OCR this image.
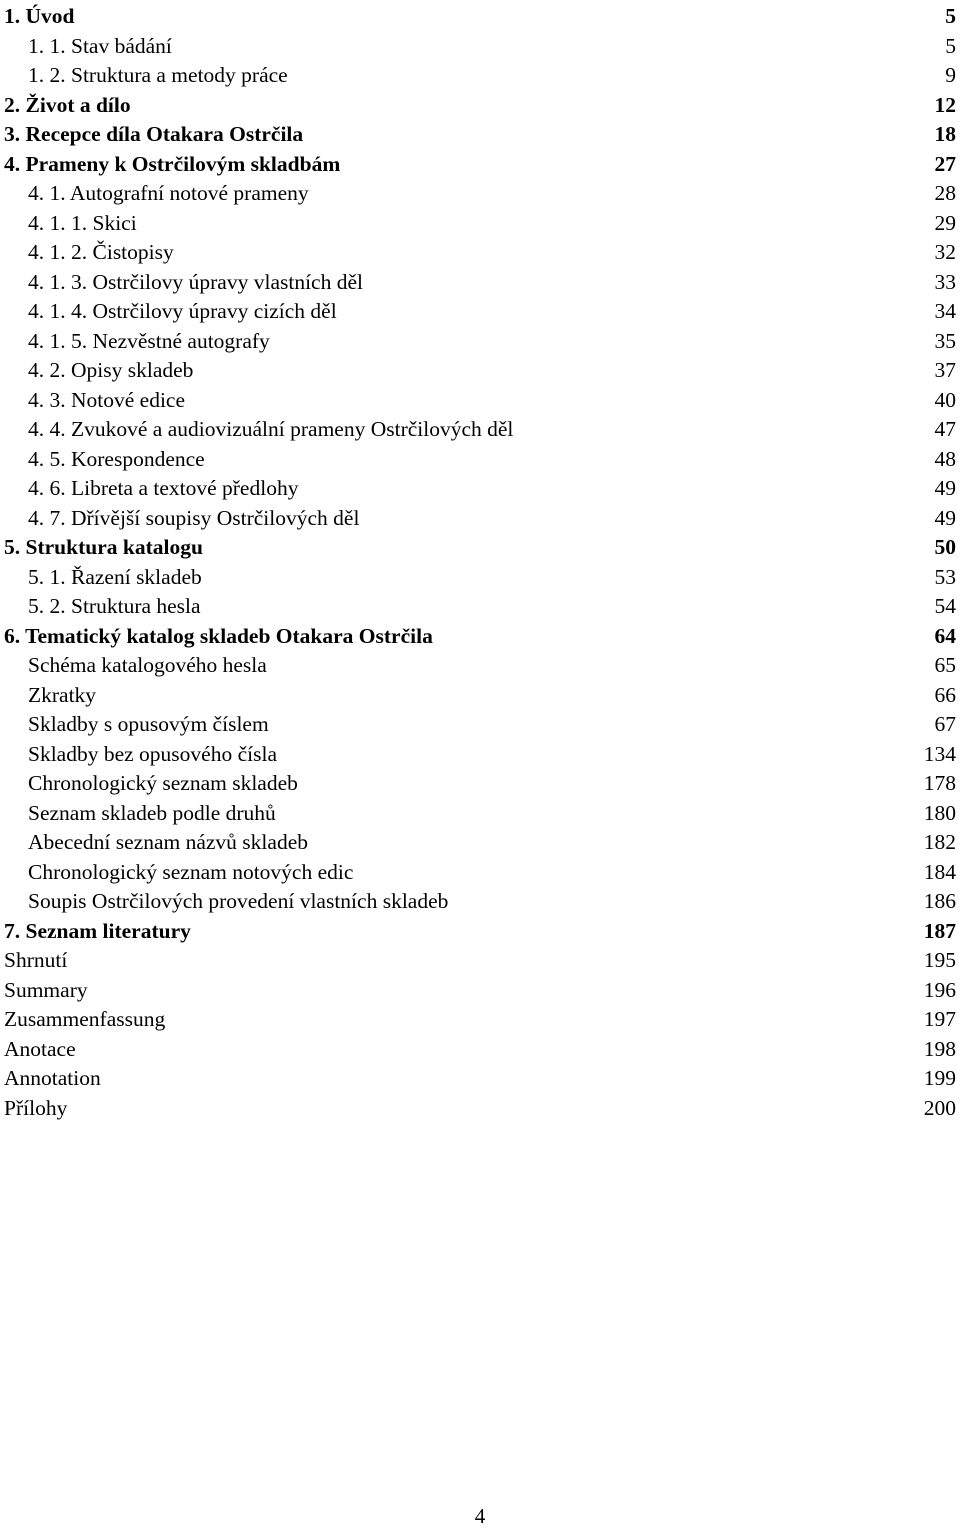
1. Úvod	5
1. 1. Stav bádání	5
1. 2. Struktura a metody práce	9
2. Život a dílo	12
3. Recepce díla Otakara Ostrčila	18
4. Prameny k Ostrčilovým skladbám	27
4. 1. Autografní notové prameny	28
4. 1. 1. Skici	29
4. 1. 2. Čistopisy	32
4. 1. 3. Ostrčilovy úpravy vlastních děl	33
4. 1. 4. Ostrčilovy úpravy cizích děl	34
4. 1. 5. Nezvěstné autografy	35
4. 2. Opisy skladeb	37
4. 3. Notové edice	40
4. 4. Zvukové a audiovizuální prameny Ostrčilových děl	47
4. 5. Korespondence	48
4. 6. Libreta a textové předlohy	49
4. 7. Dřívější soupisy Ostrčilových děl	49
5. Struktura katalogu	50
5. 1. Řazení skladeb	53
5. 2. Struktura hesla	54
6. Tematický katalog skladeb Otakara Ostrčila	64
Schéma katalogového hesla	65
Zkratky	66
Skladby s opusovým číslem	67
Skladby bez opusového čísla	134
Chronologický seznam skladeb	178
Seznam skladeb podle druhů	180
Abecední seznam názvů skladeb	182
Chronologický seznam notových edic	184
Soupis Ostrčilových provedení vlastních skladeb	186
7. Seznam literatury	187
Shrnutí	195
Summary	196
Zusammenfassung	197
Anotace	198
Annotation	199
Přílohy	200
4
